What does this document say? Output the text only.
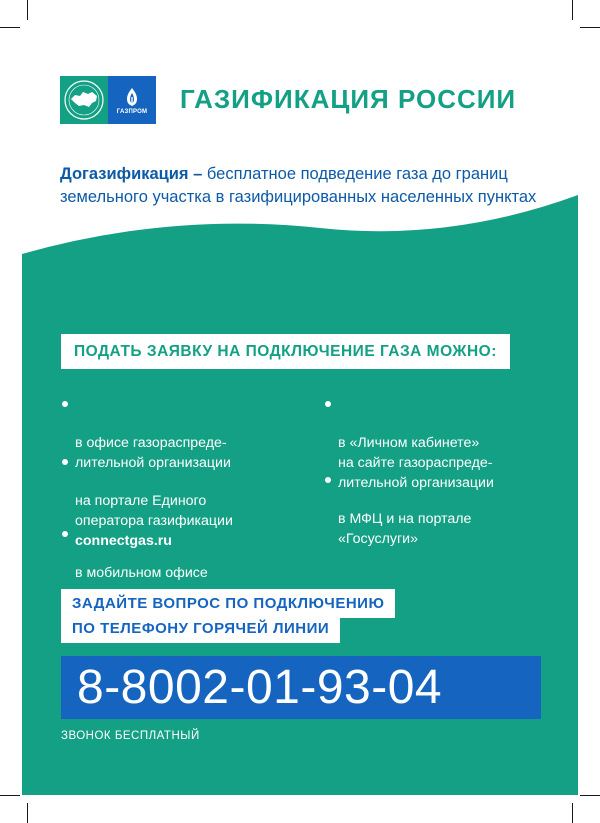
ГАЗПРОМ ГАЗИФИКАЦИЯ РОССИИ
Догазификация – бесплатное подведение газа до границ земельного участка в газифицированных населенных пунктах
ПОДАТЬ ЗАЯВКУ НА ПОДКЛЮЧЕНИЕ ГАЗА МОЖНО:

в офисе газораспреде-
лительной организации

на портале Единого
оператора газификации

connectgas.ru

в мобильном офисе

в «Личном кабинете»
на сайте газораспреде-
лительной организации

в МФЦ и на портале
«Госуслуги»

ЗАДАЙТЕ ВОПРОС ПО ПОДКЛЮЧЕНИЮ
ПО ТЕЛЕФОНУ ГОРЯЧЕЙ ЛИНИИ
8-8002-01-93-04
ЗВОНОК БЕСПЛАТНЫЙ
